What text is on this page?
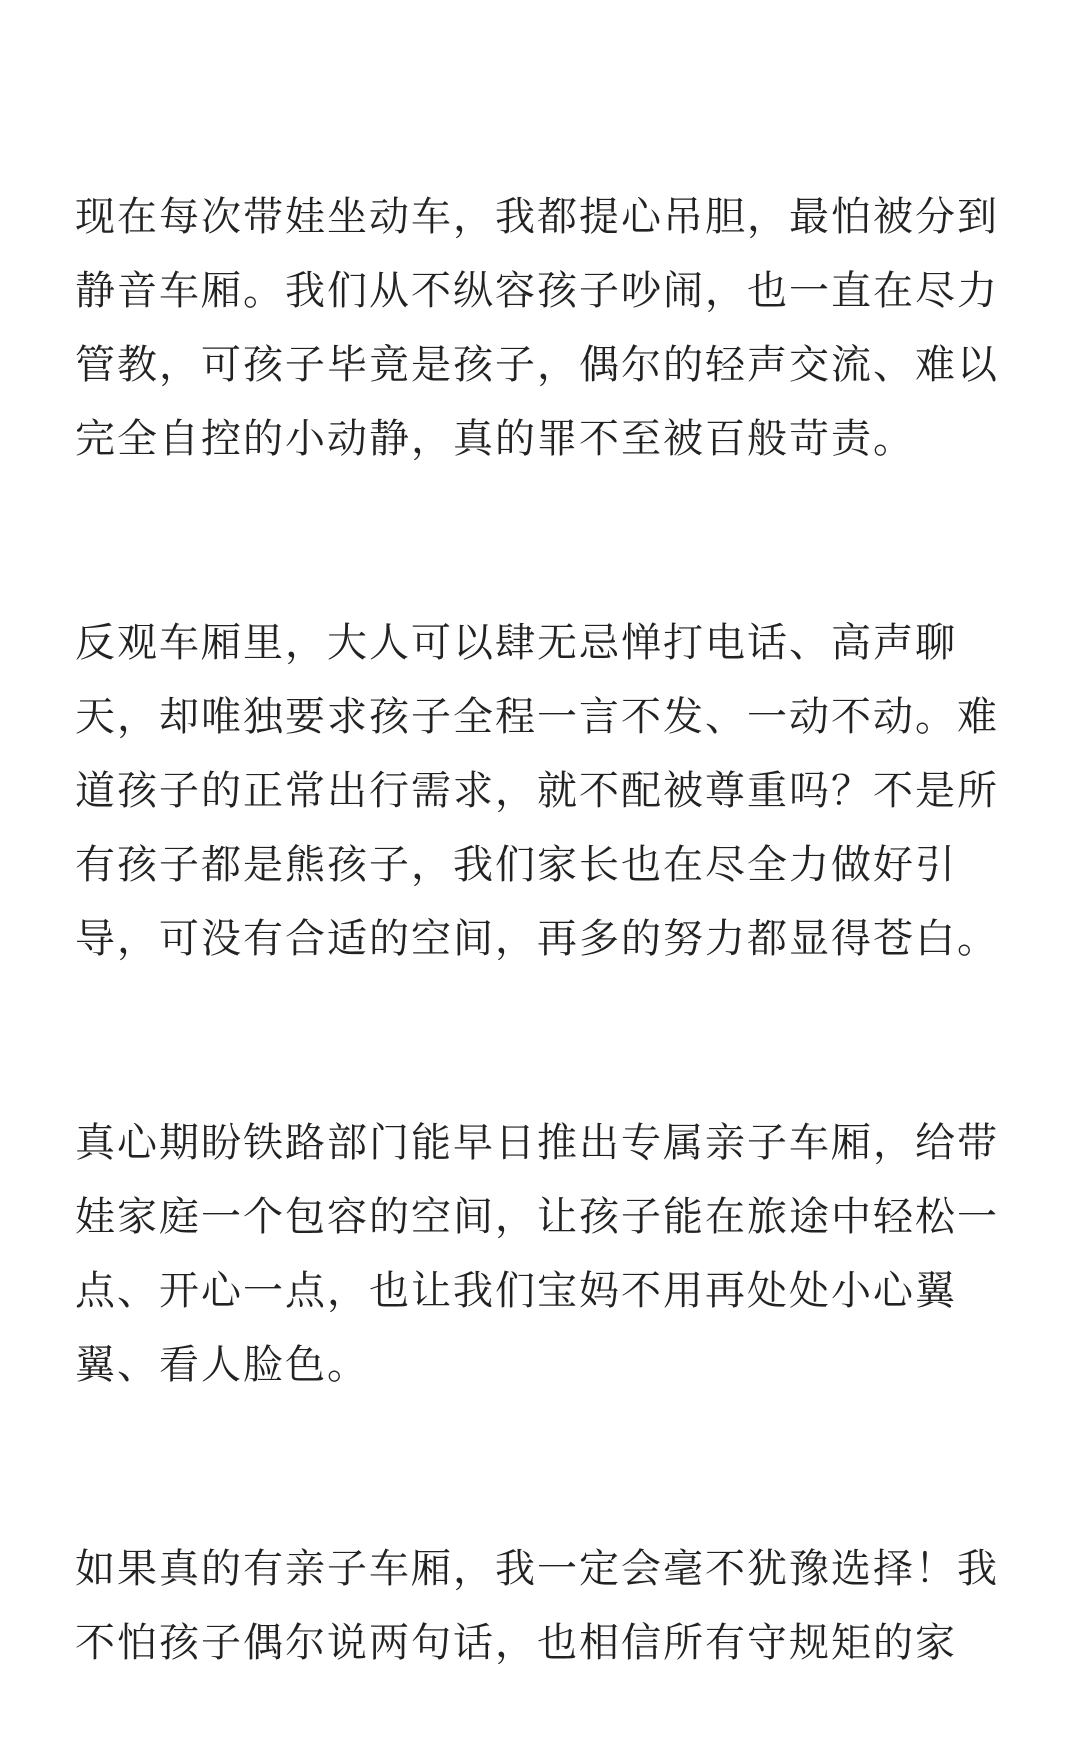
现在每次带娃坐动车，我都提心吊胆，最怕被分到
静音车厢。我们从不纵容孩子吵闹，也一直在尽力
管教，可孩子毕竟是孩子，偶尔的轻声交流、难以
完全自控的小动静，真的罪不至被百般苛责。

反观车厢里，大人可以肆无忌惮打电话、高声聊
天，却唯独要求孩子全程一言不发、一动不动。难
道孩子的正常出行需求，就不配被尊重吗？不是所
有孩子都是熊孩子，我们家长也在尽全力做好引
导，可没有合适的空间，再多的努力都显得苍白。

真心期盼铁路部门能早日推出专属亲子车厢，给带
娃家庭一个包容的空间，让孩子能在旅途中轻松一
点、开心一点，也让我们宝妈不用再处处小心翼
翼、看人脸色。

如果真的有亲子车厢，我一定会毫不犹豫选择！我
不怕孩子偶尔说两句话，也相信所有守规矩的家
